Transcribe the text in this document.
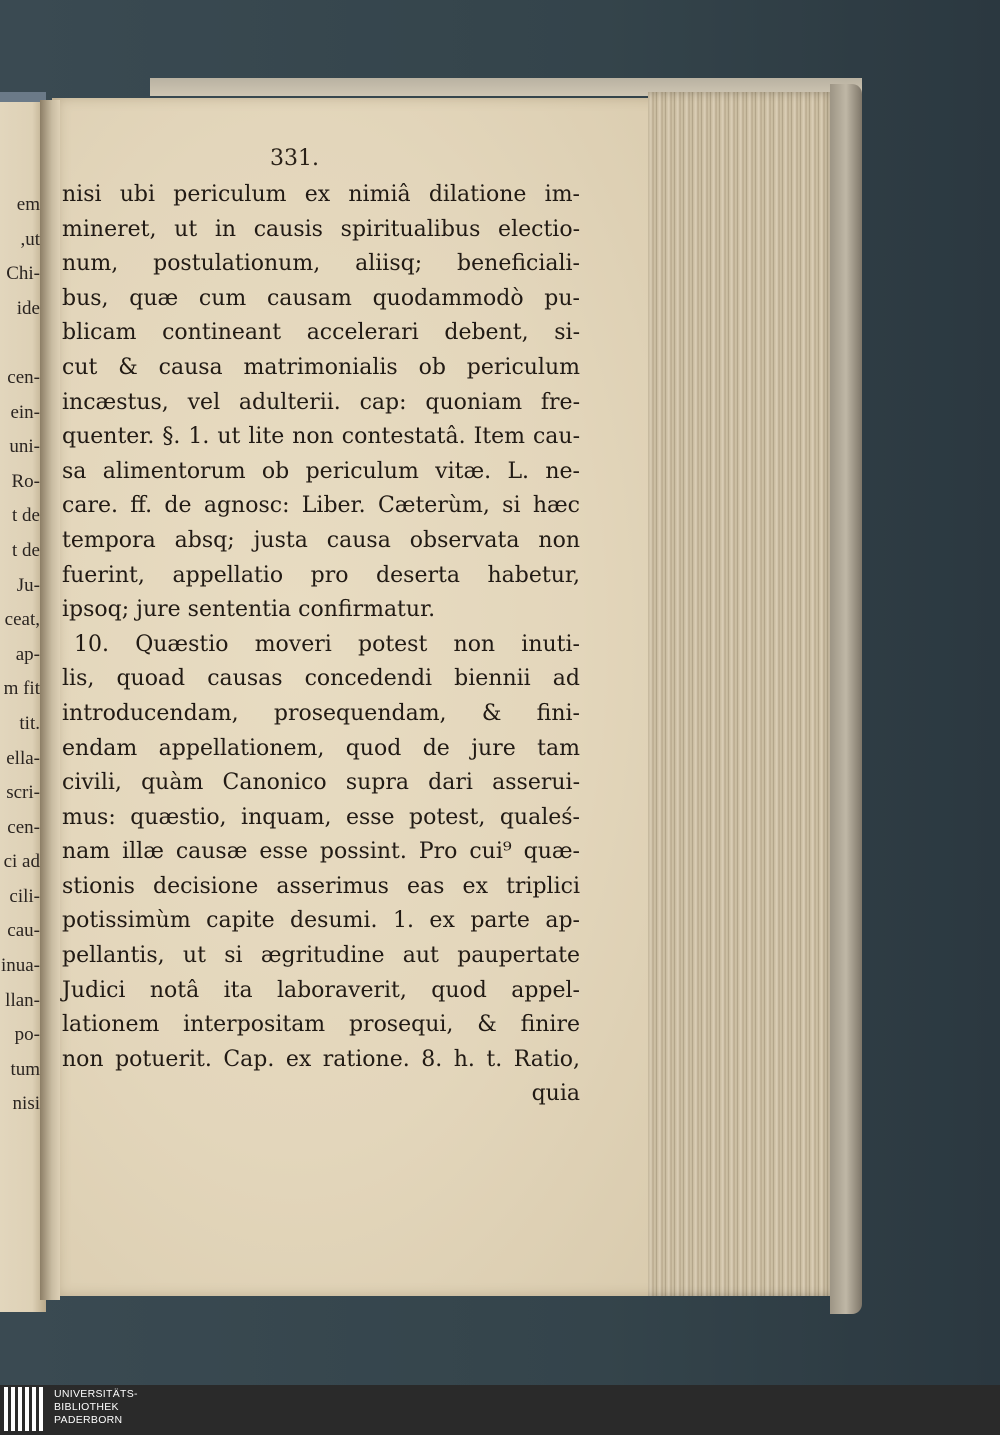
em
,ut
Chi-
ide
cen-
ein-
uni-
Ro-
t de
t de
Ju-
ceat,
ap-
m fit
tit.
ella-
scri-
cen-
ci ad
cili-
cau-
inua-
llan-
po-
tum
nisi
331.
nisi ubi periculum ex nimiâ dilatione im-
mineret, ut in causis spiritualibus electio-
num, postulationum, aliisq; beneficiali-
bus, quæ cum causam quodammodò pu-
blicam contineant accelerari debent, si-
cut & causa matrimonialis ob periculum
incæstus, vel adulterii. cap: quoniam fre-
quenter. §. 1. ut lite non contestatâ. Item cau-
sa alimentorum ob periculum vitæ. L. ne-
care. ff. de agnosc: Liber. Cæterùm, si hæc
tempora absq; justa causa observata non
fuerint, appellatio pro deserta habetur,
ipsoq; jure sententia confirmatur.
10. Quæstio moveri potest non inuti-
lis, quoad causas concedendi biennii ad
introducendam, prosequendam, & fini-
endam appellationem, quod de jure tam
civili, quàm Canonico supra dari asserui-
mus: quæstio, inquam, esse potest, qualeś-
nam illæ causæ esse possint. Pro cui⁹ quæ-
stionis decisione asserimus eas ex triplici
potissimùm capite desumi. 1. ex parte ap-
pellantis, ut si ægritudine aut paupertate
Judici notâ ita laboraverit, quod appel-
lationem interpositam prosequi, & finire
non potuerit. Cap. ex ratione. 8. h. t. Ratio,
quia
UNIVERSITÄTS-
BIBLIOTHEK
PADERBORN
